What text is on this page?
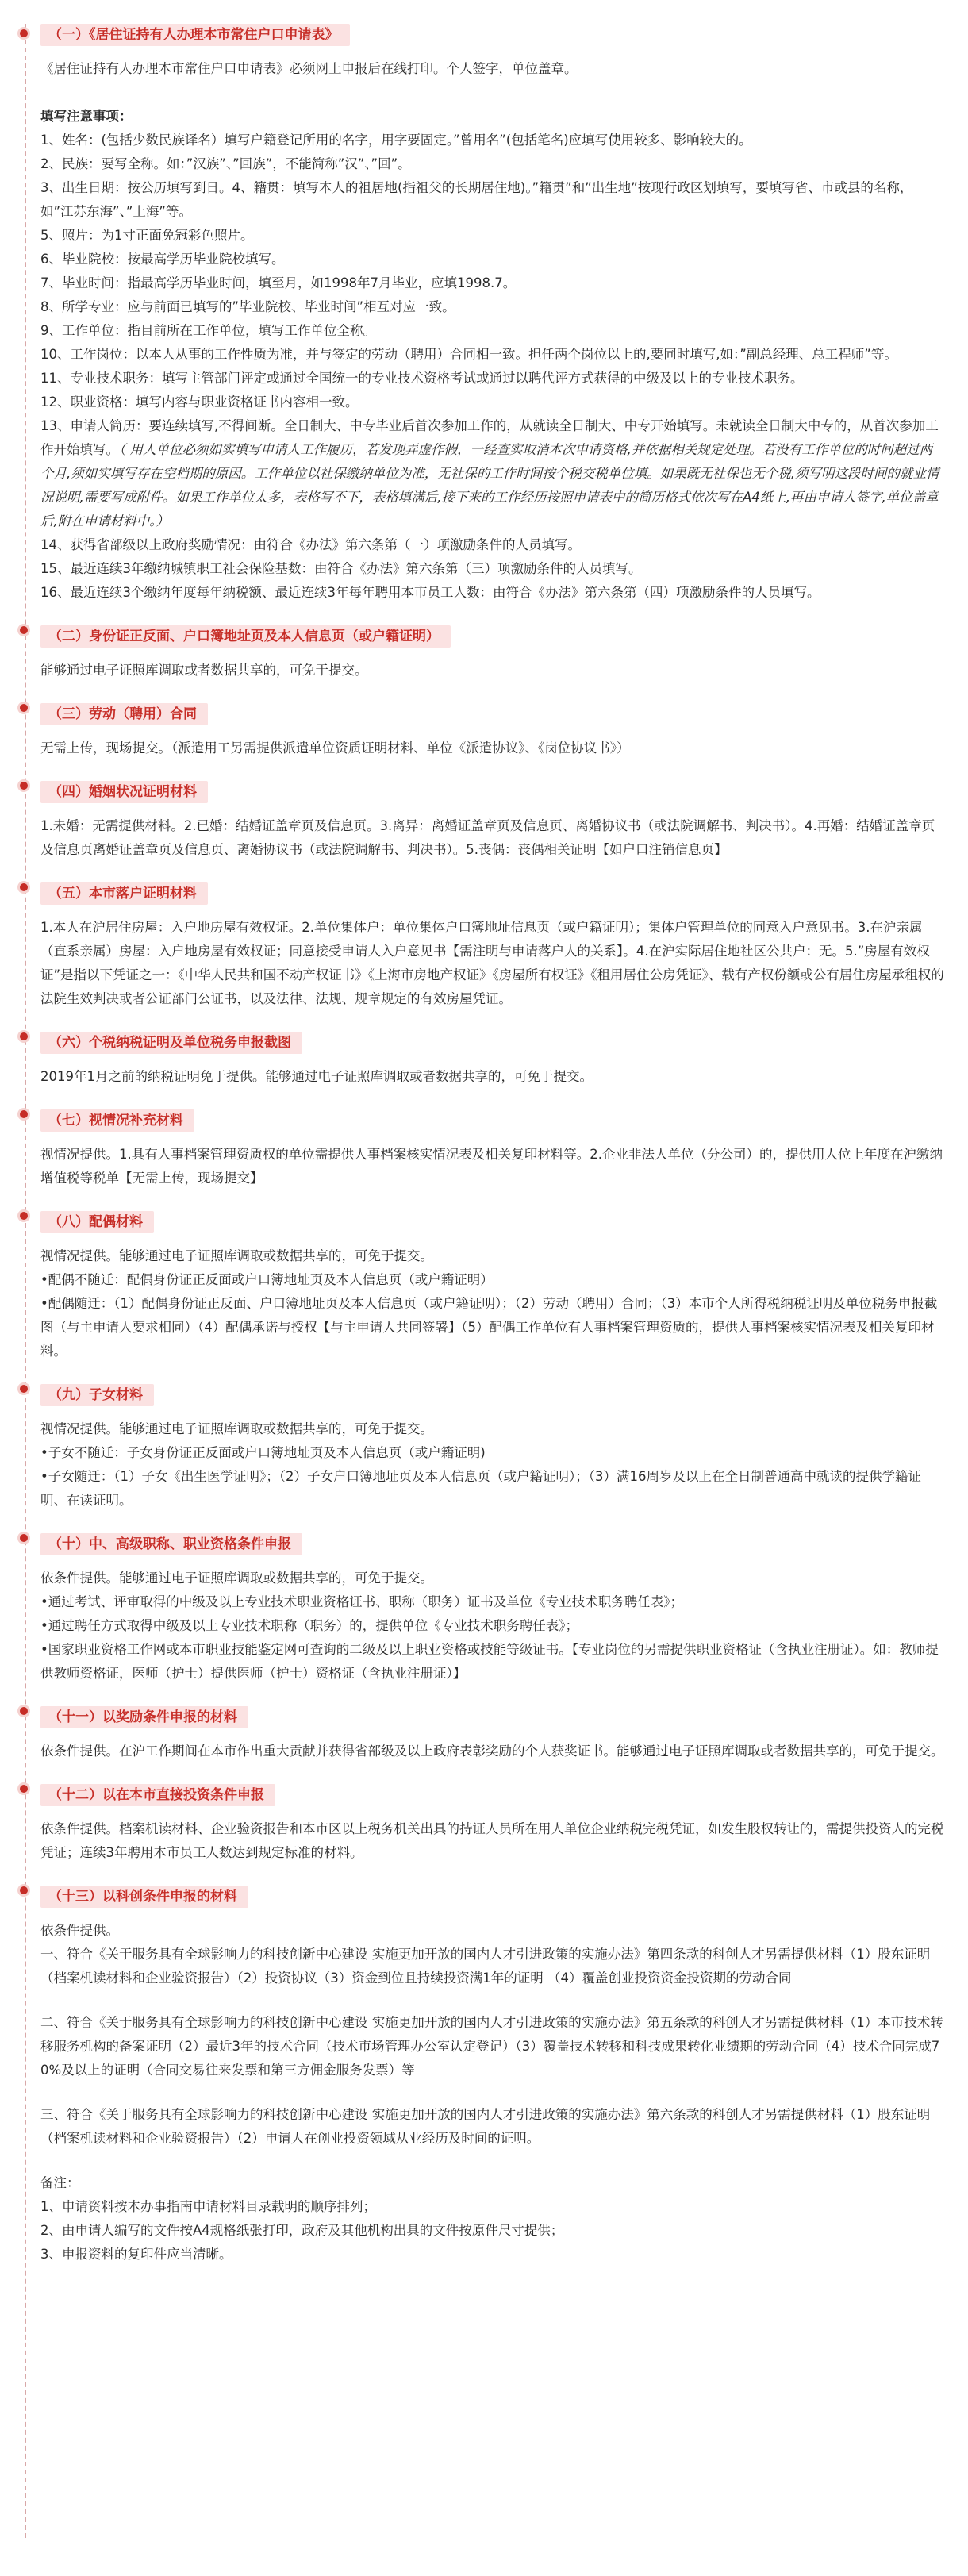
（一）《居住证持有人办理本市常住户口申请表》

《居住证持有人办理本市常住户口申请表》必须网上申报后在线打印。个人签字，单位盖章。

填写注意事项：

1、姓名：(包括少数民族译名）填写户籍登记所用的名字，用字要固定。”曾用名”(包括笔名)应填写使用较多、影响较大的。

2、民族：要写全称。如：”汉族”、”回族”，不能简称”汉”、”回”。

3、出生日期：按公历填写到日。4、籍贯：填写本人的祖居地(指祖父的长期居住地)。”籍贯”和”出生地”按现行政区划填写，要填写省、市或县的名称，如”江苏东海”、”上海”等。

5、照片：为1寸正面免冠彩色照片。

6、毕业院校：按最高学历毕业院校填写。

7、毕业时间：指最高学历毕业时间，填至月，如1998年7月毕业，应填1998.7。

8、所学专业：应与前面已填写的”毕业院校、毕业时间”相互对应一致。

9、工作单位：指目前所在工作单位，填写工作单位全称。

10、工作岗位：以本人从事的工作性质为准，并与签定的劳动（聘用）合同相一致。担任两个岗位以上的,要同时填写,如：”副总经理、总工程师”等。

11、专业技术职务：填写主管部门评定或通过全国统一的专业技术资格考试或通过以聘代评方式获得的中级及以上的专业技术职务。

12、职业资格：填写内容与职业资格证书内容相一致。

13、申请人简历：要连续填写,不得间断。全日制大、中专毕业后首次参加工作的，从就读全日制大、中专开始填写。未就读全日制大中专的，从首次参加工作开始填写。（ 用人单位必须如实填写申请人工作履历，若发现弄虚作假，一经查实取消本次申请资格,并依据相关规定处理。若没有工作单位的时间超过两个月,须如实填写存在空档期的原因。工作单位以社保缴纳单位为准，无社保的工作时间按个税交税单位填。如果既无社保也无个税,须写明这段时间的就业情况说明,需要写成附件。如果工作单位太多，表格写不下，表格填满后,接下来的工作经历按照申请表中的简历格式依次写在A4纸上,再由申请人签字,单位盖章后,附在申请材料中。）

14、获得省部级以上政府奖励情况：由符合《办法》第六条第（一）项激励条件的人员填写。

15、最近连续3年缴纳城镇职工社会保险基数：由符合《办法》第六条第（三）项激励条件的人员填写。

16、最近连续3个缴纳年度每年纳税额、最近连续3年每年聘用本市员工人数：由符合《办法》第六条第（四）项激励条件的人员填写。

（二）身份证正反面、户口簿地址页及本人信息页（或户籍证明）

能够通过电子证照库调取或者数据共享的，可免于提交。

（三）劳动（聘用）合同

无需上传，现场提交。（派遣用工另需提供派遣单位资质证明材料、单位《派遣协议》、《岗位协议书》）

（四）婚姻状况证明材料

1.未婚：无需提供材料。2.已婚：结婚证盖章页及信息页。3.离异：离婚证盖章页及信息页、离婚协议书（或法院调解书、判决书）。4.再婚：结婚证盖章页及信息页离婚证盖章页及信息页、离婚协议书（或法院调解书、判决书）。5.丧偶：丧偶相关证明【如户口注销信息页】

（五）本市落户证明材料

1.本人在沪居住房屋：入户地房屋有效权证。2.单位集体户：单位集体户口簿地址信息页（或户籍证明）；集体户管理单位的同意入户意见书。3.在沪亲属（直系亲属）房屋：入户地房屋有效权证；同意接受申请人入户意见书【需注明与申请落户人的关系】。4.在沪实际居住地社区公共户：无。5.”房屋有效权证”是指以下凭证之一：《中华人民共和国不动产权证书》《上海市房地产权证》《房屋所有权证》《租用居住公房凭证》、载有产权份额或公有居住房屋承租权的法院生效判决或者公证部门公证书，以及法律、法规、规章规定的有效房屋凭证。

（六）个税纳税证明及单位税务申报截图

2019年1月之前的纳税证明免于提供。能够通过电子证照库调取或者数据共享的，可免于提交。

（七）视情况补充材料

视情况提供。1.具有人事档案管理资质权的单位需提供人事档案核实情况表及相关复印材料等。2.企业非法人单位（分公司）的，提供用人位上年度在沪缴纳增值税等税单【无需上传，现场提交】

（八）配偶材料

视情况提供。能够通过电子证照库调取或数据共享的，可免于提交。

•配偶不随迁：配偶身份证正反面或户口簿地址页及本人信息页（或户籍证明）

•配偶随迁：（1）配偶身份证正反面、户口簿地址页及本人信息页（或户籍证明）；（2）劳动（聘用）合同；（3）本市个人所得税纳税证明及单位税务申报截图（与主申请人要求相同）（4）配偶承诺与授权【与主申请人共同签署】（5）配偶工作单位有人事档案管理资质的，提供人事档案核实情况表及相关复印材料。

（九）子女材料

视情况提供。能够通过电子证照库调取或数据共享的，可免于提交。

•子女不随迁：子女身份证正反面或户口簿地址页及本人信息页（或户籍证明)

•子女随迁：（1）子女《出生医学证明》；（2）子女户口簿地址页及本人信息页（或户籍证明）；（3）满16周岁及以上在全日制普通高中就读的提供学籍证明、在读证明。

（十）中、高级职称、职业资格条件申报

依条件提供。能够通过电子证照库调取或数据共享的，可免于提交。

•通过考试、评审取得的中级及以上专业技术职业资格证书、职称（职务）证书及单位《专业技术职务聘任表》；

•通过聘任方式取得中级及以上专业技术职称（职务）的，提供单位《专业技术职务聘任表》；

•国家职业资格工作网或本市职业技能鉴定网可查询的二级及以上职业资格或技能等级证书。【专业岗位的另需提供职业资格证（含执业注册证）。如：教师提供教师资格证，医师（护士）提供医师（护士）资格证（含执业注册证）】

（十一）以奖励条件申报的材料

依条件提供。在沪工作期间在本市作出重大贡献并获得省部级及以上政府表彰奖励的个人获奖证书。能够通过电子证照库调取或者数据共享的，可免于提交。

（十二）以在本市直接投资条件申报

依条件提供。档案机读材料、企业验资报告和本市区以上税务机关出具的持证人员所在用人单位企业纳税完税凭证，如发生股权转让的，需提供投资人的完税凭证；连续3年聘用本市员工人数达到规定标准的材料。

（十三）以科创条件申报的材料

依条件提供。

一、符合《关于服务具有全球影响力的科技创新中心建设 实施更加开放的国内人才引进政策的实施办法》第四条款的科创人才另需提供材料（1）股东证明（档案机读材料和企业验资报告）（2）投资协议（3）资金到位且持续投资满1年的证明 （4）覆盖创业投资资金投资期的劳动合同

二、符合《关于服务具有全球影响力的科技创新中心建设 实施更加开放的国内人才引进政策的实施办法》第五条款的科创人才另需提供材料（1）本市技术转移服务机构的备案证明（2）最近3年的技术合同（技术市场管理办公室认定登记）（3）覆盖技术转移和科技成果转化业绩期的劳动合同（4）技术合同完成70%及以上的证明（合同交易往来发票和第三方佣金服务发票）等

三、符合《关于服务具有全球影响力的科技创新中心建设 实施更加开放的国内人才引进政策的实施办法》第六条款的科创人才另需提供材料（1）股东证明（档案机读材料和企业验资报告）（2）申请人在创业投资领域从业经历及时间的证明。

备注：

1、申请资料按本办事指南申请材料目录载明的顺序排列；

2、由申请人编写的文件按A4规格纸张打印，政府及其他机构出具的文件按原件尺寸提供；

3、申报资料的复印件应当清晰。
